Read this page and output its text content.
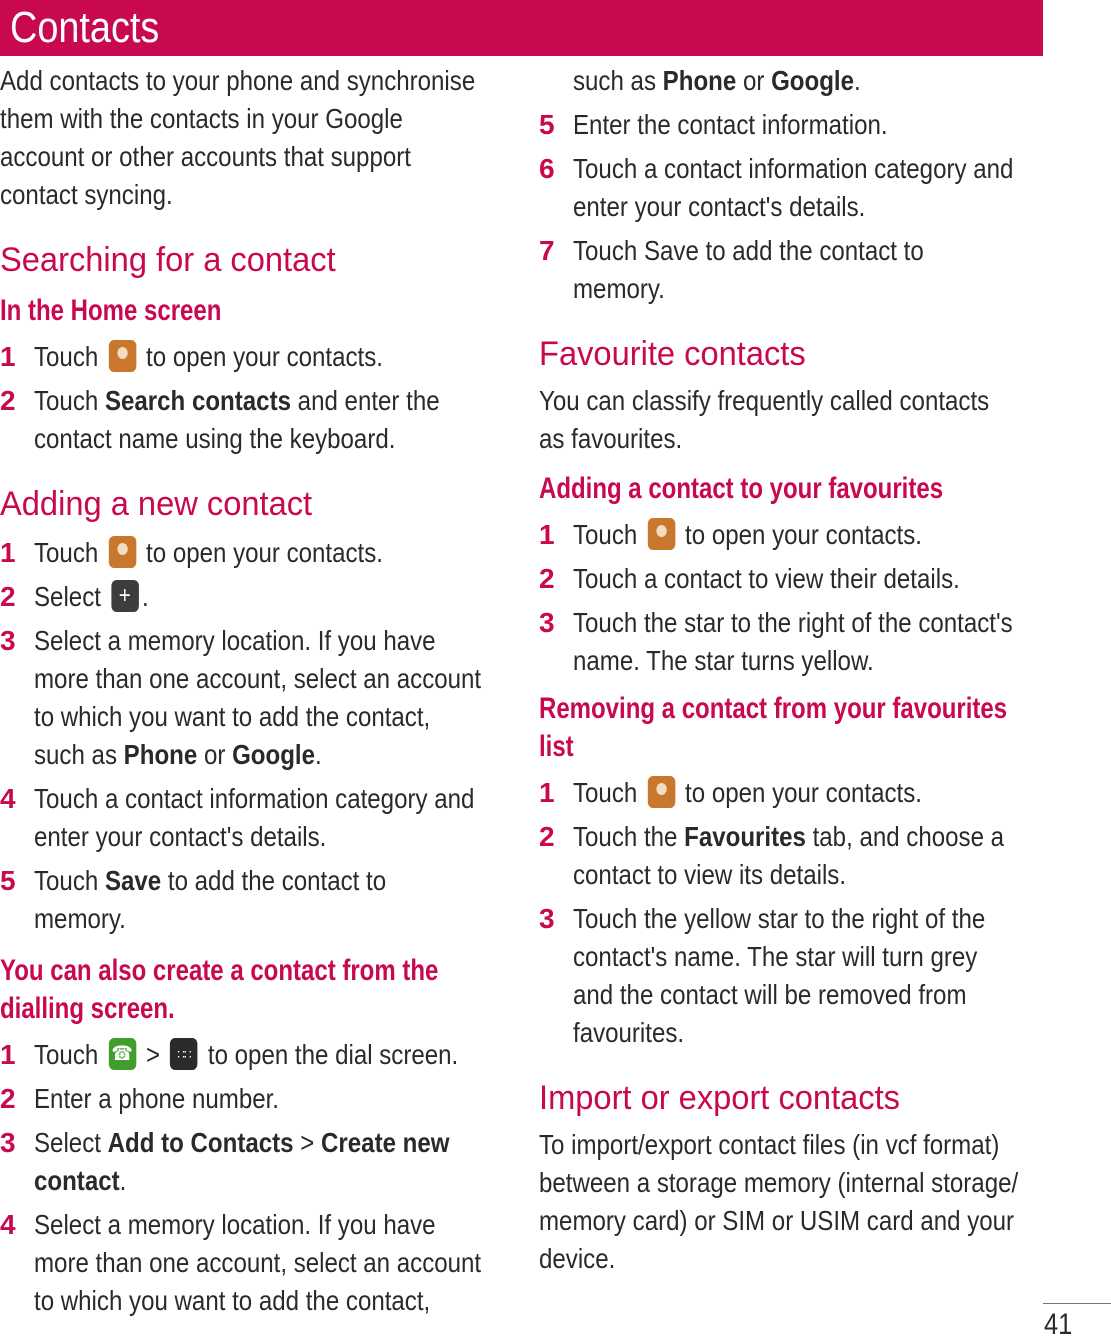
Contacts

Add contacts to your phone and synchronise

them with the contacts in your Google

account or other accounts that support

contact syncing.

Searching for a contact
In the Home screen
1 Touch to open your contacts.

2 Touch Search contacts and enter the

contact name using the keyboard.

Adding a new contact
1 Touch to open your contacts.

2 Select + .

3 Select a memory location. If you have

more than one account, select an account

to which you want to add the contact,

such as Phone or Google.

4 Touch a contact information category and

enter your contact's details.

5 Touch Save to add the contact to

memory.

You can also create a contact from the
dialling screen.
1 Touch ☎ > ∷∷ to open the dial screen.

2 Enter a phone number.

3 Select Add to Contacts > Create new

contact.

4 Select a memory location. If you have

more than one account, select an account

to which you want to add the contact,

such as Phone or Google.

5 Enter the contact information.

6 Touch a contact information category and

enter your contact's details.

7 Touch Save to add the contact to

memory.

Favourite contacts

You can classify frequently called contacts

as favourites.

Adding a contact to your favourites
1 Touch to open your contacts.

2 Touch a contact to view their details.

3 Touch the star to the right of the contact's

name. The star turns yellow.

Removing a contact from your favourites
list
1 Touch to open your contacts.

2 Touch the Favourites tab, and choose a

contact to view its details.

3 Touch the yellow star to the right of the

contact's name. The star will turn grey

and the contact will be removed from

favourites.

Import or export contacts

To import/export contact files (in vcf format)

between a storage memory (internal storage/

memory card) or SIM or USIM card and your

device.

41
